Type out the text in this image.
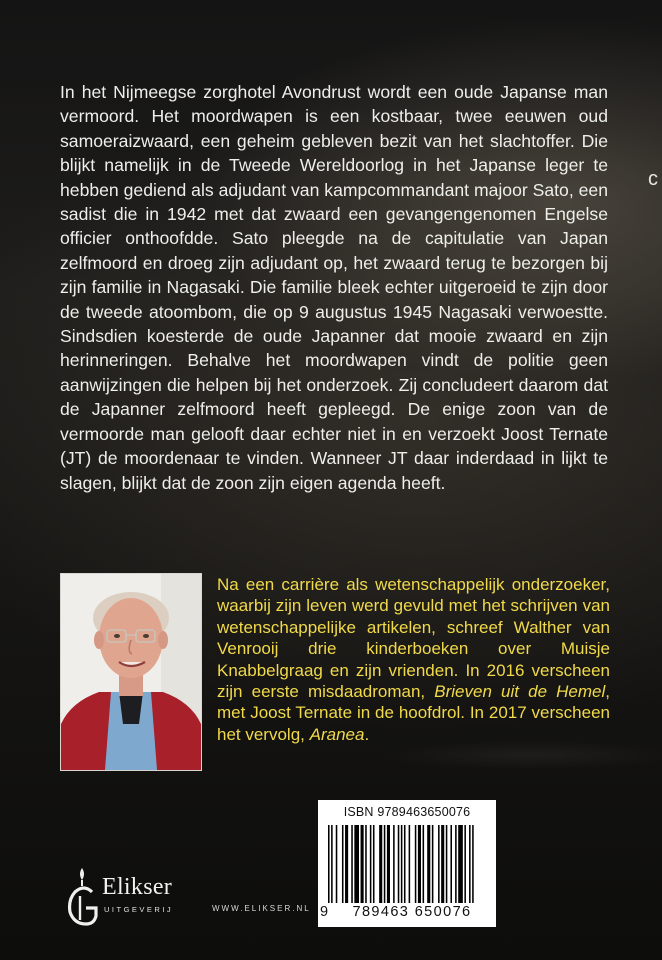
In het Nijmeegse zorghotel Avondrust wordt een oude Japanse man vermoord. Het moordwapen is een kostbaar, twee eeuwen oud samoeraizwaard, een geheim gebleven bezit van het slachtoffer. Die blijkt namelijk in de Tweede Wereldoorlog in het Japanse leger te hebben gediend als adjudant van kampcommandant majoor Sato, een sadist die in 1942 met dat zwaard een gevangengenomen Engelse officier onthoofdde. Sato pleegde na de capitulatie van Japan zelfmoord en droeg zijn adjudant op, het zwaard terug te bezorgen bij zijn familie in Nagasaki. Die familie bleek echter uitgeroeid te zijn door de tweede atoombom, die op 9 augustus 1945 Nagasaki verwoestte. Sindsdien koesterde de oude Japanner dat mooie zwaard en zijn herinneringen. Behalve het moordwapen vindt de politie geen aanwijzingen die helpen bij het onderzoek. Zij concludeert daarom dat de Japanner zelfmoord heeft gepleegd. De enige zoon van de vermoorde man gelooft daar echter niet in en verzoekt Joost Ternate (JT) de moordenaar te vinden. Wanneer JT daar inderdaad in lijkt te slagen, blijkt dat de zoon zijn eigen agenda heeft.

c

Na een carrière als wetenschappelijk onderzoeker, waarbij zijn leven werd gevuld met het schrijven van wetenschappelijke artikelen, schreef Walther van Venrooij drie kinderboeken over Muisje Knabbelgraag en zijn vrienden. In 2016 verscheen zijn eerste misdaadroman, Brieven uit de Hemel, met Joost Ternate in de hoofdrol. In 2017 verscheen het vervolg, Aranea.

ISBN 9789463650076
9 789463 650076
Elikser
UITGEVERIJ	WWW.ELIKSER.NL
